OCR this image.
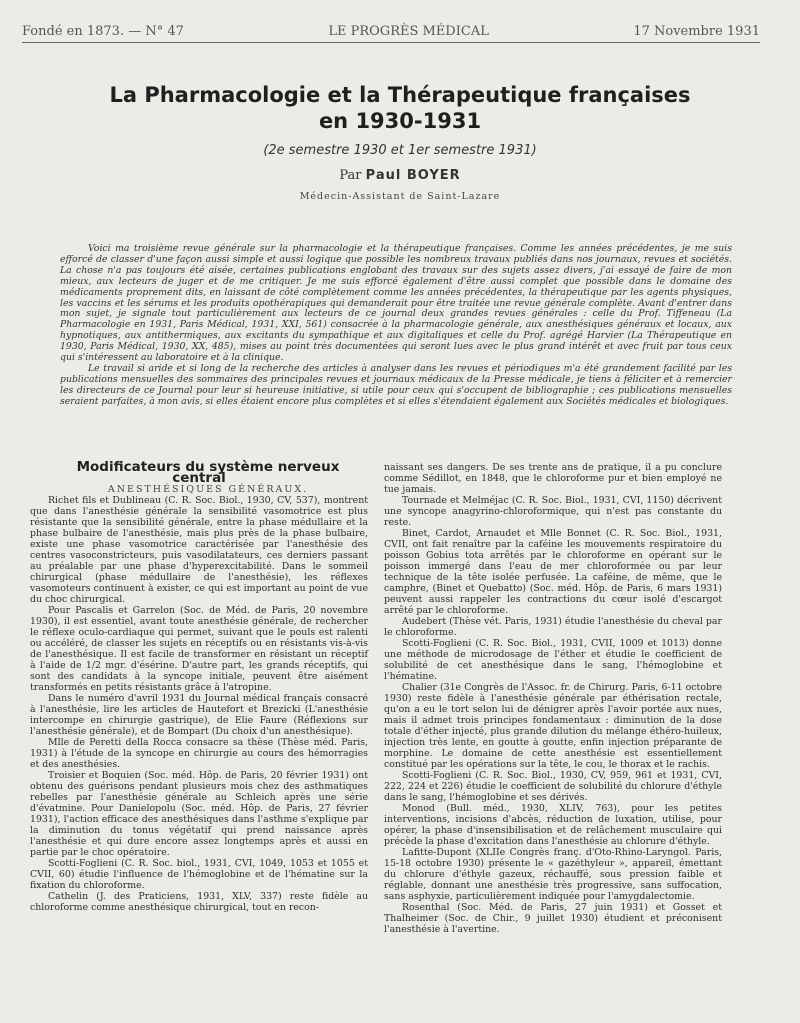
Fondé en 1873. — N° 47	LE PROGRÈS MÉDICAL	17 Novembre 1931
La Pharmacologie et la Thérapeutique françaises
en 1930-1931
(2e semestre 1930 et 1er semestre 1931)
Par Paul BOYER
Médecin-Assistant de Saint-Lazare

Voici ma troisième revue générale sur la pharmacologie et la thérapeutique françaises. Comme les années précédentes, je me suis efforcé de classer d'une façon aussi simple et aussi logique que possible les nombreux travaux publiés dans nos journaux, revues et sociétés. La chose n'a pas toujours été aisée, certaines publications englobant des travaux sur des sujets assez divers, j'ai essayé de faire de mon mieux, aux lecteurs de juger et de me critiquer. Je me suis efforcé également d'être aussi complet que possible dans le domaine des médicaments proprement dits, en laissant de côté complètement comme les années précédentes, la thérapeutique par les agents physiques, les vaccins et les sérums et les produits opothérapiques qui demanderait pour être traitée une revue générale complète. Avant d'entrer dans mon sujet, je signale tout particulièrement aux lecteurs de ce journal deux grandes revues générales : celle du Prof. Tiffeneau (La Pharmacologie en 1931, Paris Médical, 1931, XXI, 561) consacrée à la pharmacologie générale, aux anesthésiques généraux et locaux, aux hypnotiques, aux antithermiques, aux excitants du sympathique et aux digitaliques et celle du Prof. agrégé Harvier (La Thérapeutique en 1930, Paris Médical, 1930, XX, 485), mises au point très documentées qui seront lues avec le plus grand intérêt et avec fruit par tous ceux qui s'intéressent au laboratoire et à la clinique.

Le travail si aride et si long de la recherche des articles à analyser dans les revues et périodiques m'a été grandement facilité par les publications mensuelles des sommaires des principales revues et journaux médicaux de la Presse médicale, je tiens à féliciter et à remercier les directeurs de ce Journal pour leur si heureuse initiative, si utile pour ceux qui s'occupent de bibliographie ; ces publications mensuelles seraient parfaites, à mon avis, si elles étaient encore plus complètes et si elles s'étendaient également aux Sociétés médicales et biologiques.

Modificateurs du système nerveux central

ANESTHÉSIQUES GÉNÉRAUX.

Richet fils et Dublineau (C. R. Soc. Biol., 1930, CV, 537), montrent que dans l'anesthésie générale la sensibilité vasomotrice est plus résistante que la sensibilité générale, entre la phase médullaire et la phase bulbaire de l'anesthésie, mais plus près de la phase bulbaire, existe une phase vasomotrice caractérisée par l'anesthésie des centres vasoconstricteurs, puis vasodilatateurs, ces derniers passant au préalable par une phase d'hyperexcitabilité. Dans le sommeil chirurgical (phase médullaire de l'anesthésie), les réflexes vasomoteurs continuent à exister, ce qui est important au point de vue du choc chirurgical.

Pour Pascalis et Garrelon (Soc. de Méd. de Paris, 20 novembre 1930), il est essentiel, avant toute anesthésie générale, de rechercher le réflexe oculo-cardiaque qui permet, suivant que le pouls est ralenti ou accéléré, de classer les sujets en réceptifs ou en résistants vis-à-vis de l'anesthésique. Il est facile de transformer en résistant un réceptif à l'aide de 1/2 mgr. d'ésérine. D'autre part, les grands réceptifs, qui sont des candidats à la syncope initiale, peuvent être aisément transformés en petits résistants grâce à l'atropine.

Dans le numéro d'avril 1931 du Journal médical français consacré à l'anesthésie, lire les articles de Hautefort et Brezicki (L'anesthésie intercompe en chirurgie gastrique), de Elie Faure (Réflexions sur l'anesthésie générale), et de Bompart (Du choix d'un anesthésique).

Mlle de Peretti della Rocca consacre sa thèse (Thèse méd. Paris, 1931) à l'étude de la syncope en chirurgie au cours des hémorragies et des anesthésies.

Troisier et Boquien (Soc. méd. Hôp. de Paris, 20 février 1931) ont obtenu des guérisons pendant plusieurs mois chez des asthmatiques rebelles par l'anesthésie générale au Schleich après une série d'évatmine. Pour Danielopolu (Soc. méd. Hôp. de Paris, 27 février 1931), l'action efficace des anesthésiques dans l'asthme s'explique par la diminution du tonus végétatif qui prend naissance après l'anesthésie et qui dure encore assez longtemps après et aussi en partie par le choc opératoire.

Scotti-Foglieni (C. R. Soc. biol., 1931, CVI, 1049, 1053 et 1055 et CVII, 60) étudie l'influence de l'hémoglobine et de l'hématine sur la fixation du chloroforme.

Cathelin (J. des Praticiens, 1931, XLV, 337) reste fidèle au chloroforme comme anesthésique chirurgical, tout en recon-

naissant ses dangers. De ses trente ans de pratique, il a pu conclure comme Sédillot, en 1848, que le chloroforme pur et bien employé ne tue jamais.

Tournade et Melméjac (C. R. Soc. Biol., 1931, CVI, 1150) décrivent une syncope anagyrino-chloroformique, qui n'est pas constante du reste.

Binet, Cardot, Arnaudet et Mlle Bonnet (C. R. Soc. Biol., 1931, CVII, ont fait renaître par la caféine les mouvements respiratoire du poisson Gobius tota arrêtés par le chloroforme en opérant sur le poisson immergé dans l'eau de mer chloroformée ou par leur technique de la tête isolée perfusée. La caféine, de même, que le camphre, (Binet et Quebatto) (Soc. méd. Hôp. de Paris, 6 mars 1931) peuvent aussi rappeler les contractions du cœur isolé d'escargot arrêté par le chloroforme.

Audebert (Thèse vét. Paris, 1931) étudie l'anesthésie du cheval par le chloroforme.

Scotti-Foglieni (C. R. Soc. Biol., 1931, CVII, 1009 et 1013) donne une méthode de microdosage de l'éther et étudie le coefficient de solubilité de cet anesthésique dans le sang, l'hémoglobine et l'hématine.

Chalier (31e Congrès de l'Assoc. fr. de Chirurg. Paris, 6-11 octobre 1930) reste fidèle à l'anesthésie générale par éthérisation rectale, qu'on a eu le tort selon lui de dénigrer après l'avoir portée aux nues, mais il admet trois principes fondamentaux : diminution de la dose totale d'éther injecté, plus grande dilution du mélange éthéro-huileux, injection très lente, en goutte à goutte, enfin injection préparante de morphine. Le domaine de cette anesthésie est essentiellement constitué par les opérations sur la tête, le cou, le thorax et le rachis.

Scotti-Foglieni (C. R. Soc. Biol., 1930, CV, 959, 961 et 1931, CVI, 222, 224 et 226) étudie le coefficient de solubilité du chlorure d'éthyle dans le sang, l'hémoglobine et ses dérivés.

Monod (Bull. méd., 1930, XLIV, 763), pour les petites interventions, incisions d'abcès, réduction de luxation, utilise, pour opérer, la phase d'insensibilisation et de relâchement musculaire qui précède la phase d'excitation dans l'anesthésie au chlorure d'éthyle.

Lafitte-Dupont (XLIIe Congrès franç. d'Oto-Rhino-Laryngol. Paris, 15-18 octobre 1930) présente le « gazéthyleur », appareil, émettant du chlorure d'éthyle gazeux, réchauffé, sous pression faible et réglable, donnant une anesthésie très progressive, sans suffocation, sans asphyxie, particulièrement indiquée pour l'amygdalectomie.

Rosenthal (Soc. Méd. de Paris, 27 juin 1931) et Gosset et Thalheimer (Soc. de Chir., 9 juillet 1930) étudient et préconisent l'anesthésie à l'avertine.
